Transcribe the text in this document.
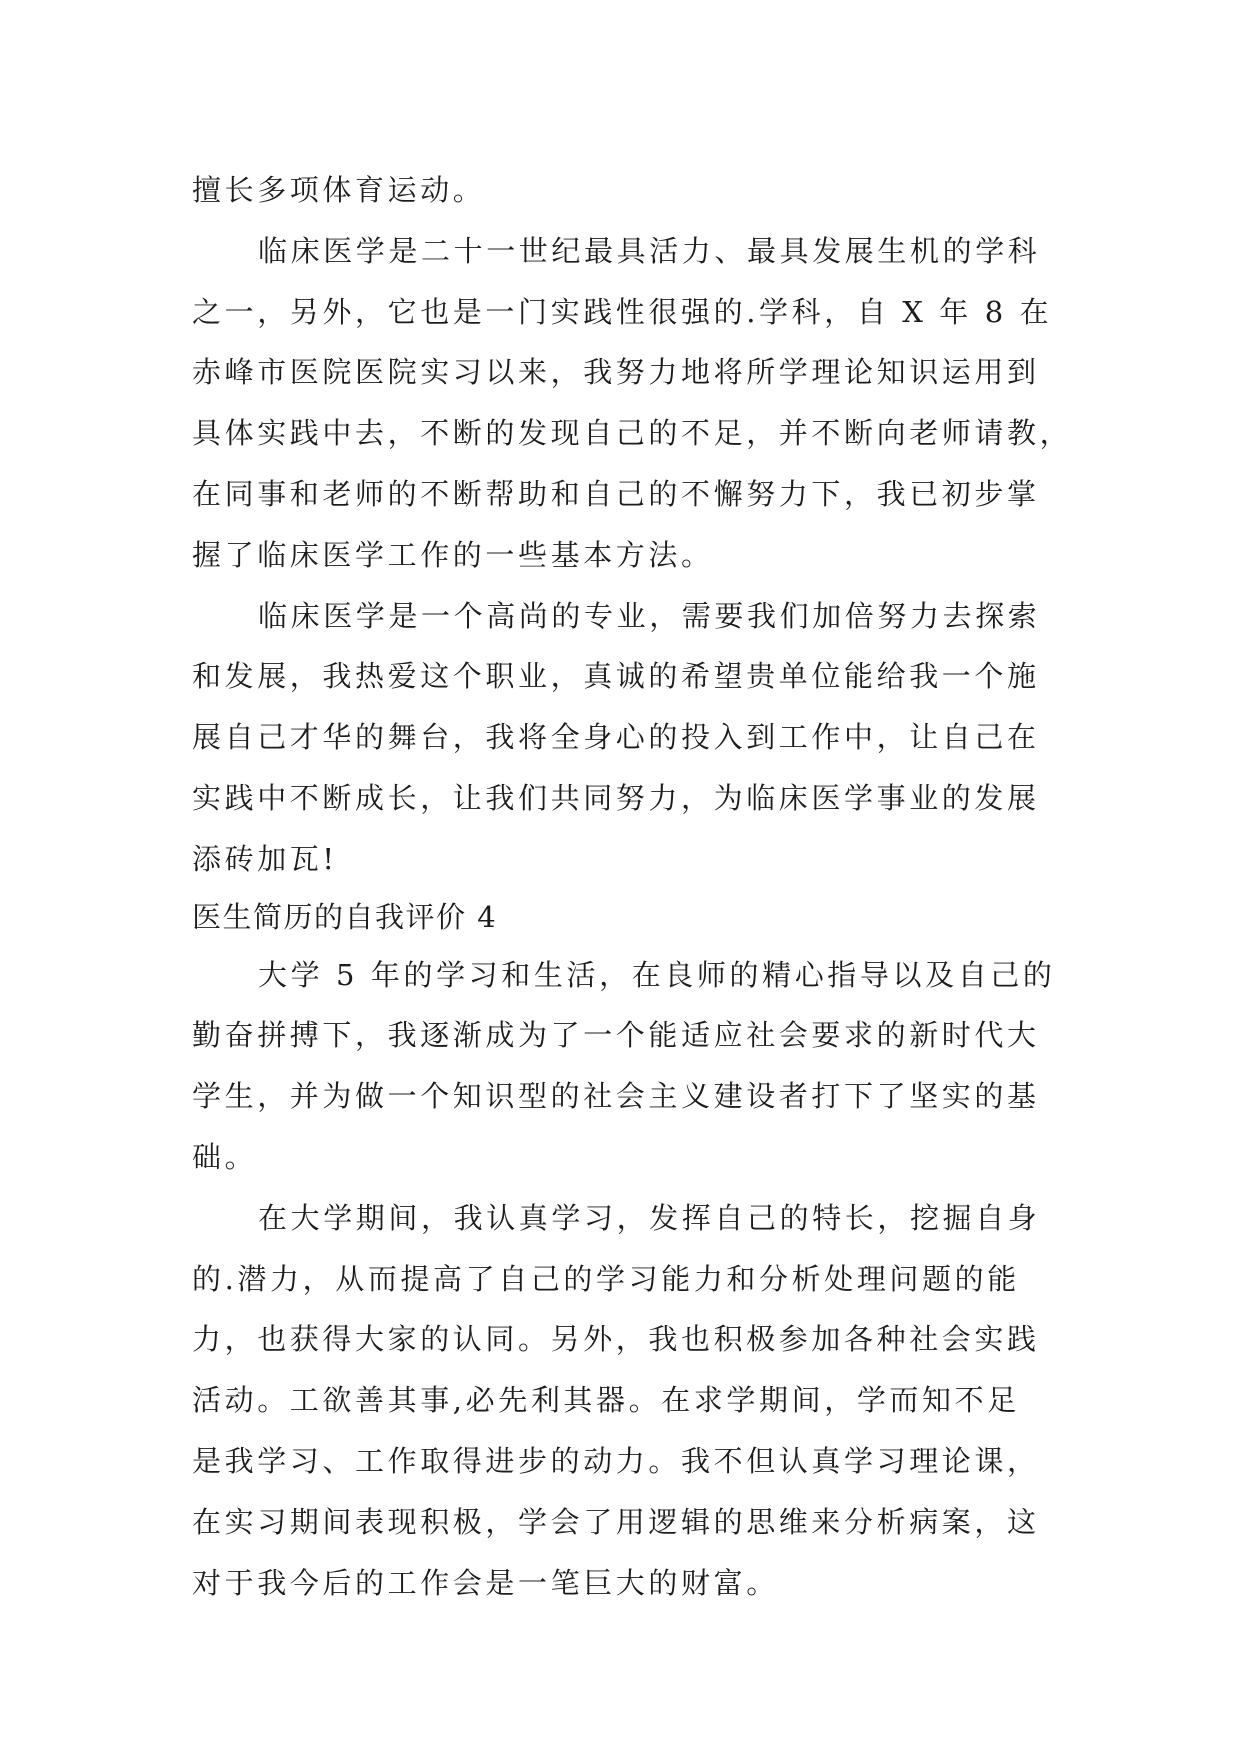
擅长多项体育运动。
临床医学是二十一世纪最具活力、最具发展生机的学科
之一，另外，它也是一门实践性很强的.学科，自 X 年 8 在
赤峰市医院医院实习以来，我努力地将所学理论知识运用到
具体实践中去，不断的发现自己的不足，并不断向老师请教，
在同事和老师的不断帮助和自己的不懈努力下，我已初步掌
握了临床医学工作的一些基本方法。
临床医学是一个高尚的专业，需要我们加倍努力去探索
和发展，我热爱这个职业，真诚的希望贵单位能给我一个施
展自己才华的舞台，我将全身心的投入到工作中，让自己在
实践中不断成长，让我们共同努力，为临床医学事业的发展
添砖加瓦!
医生简历的自我评价 4
大学 5 年的学习和生活，在良师的精心指导以及自己的
勤奋拼搏下，我逐渐成为了一个能适应社会要求的新时代大
学生，并为做一个知识型的社会主义建设者打下了坚实的基
础。
在大学期间，我认真学习，发挥自己的特长，挖掘自身
的.潜力，从而提高了自己的学习能力和分析处理问题的能
力，也获得大家的认同。另外，我也积极参加各种社会实践
活动。工欲善其事,必先利其器。在求学期间，学而知不足
是我学习、工作取得进步的动力。我不但认真学习理论课，
在实习期间表现积极，学会了用逻辑的思维来分析病案，这
对于我今后的工作会是一笔巨大的财富。
